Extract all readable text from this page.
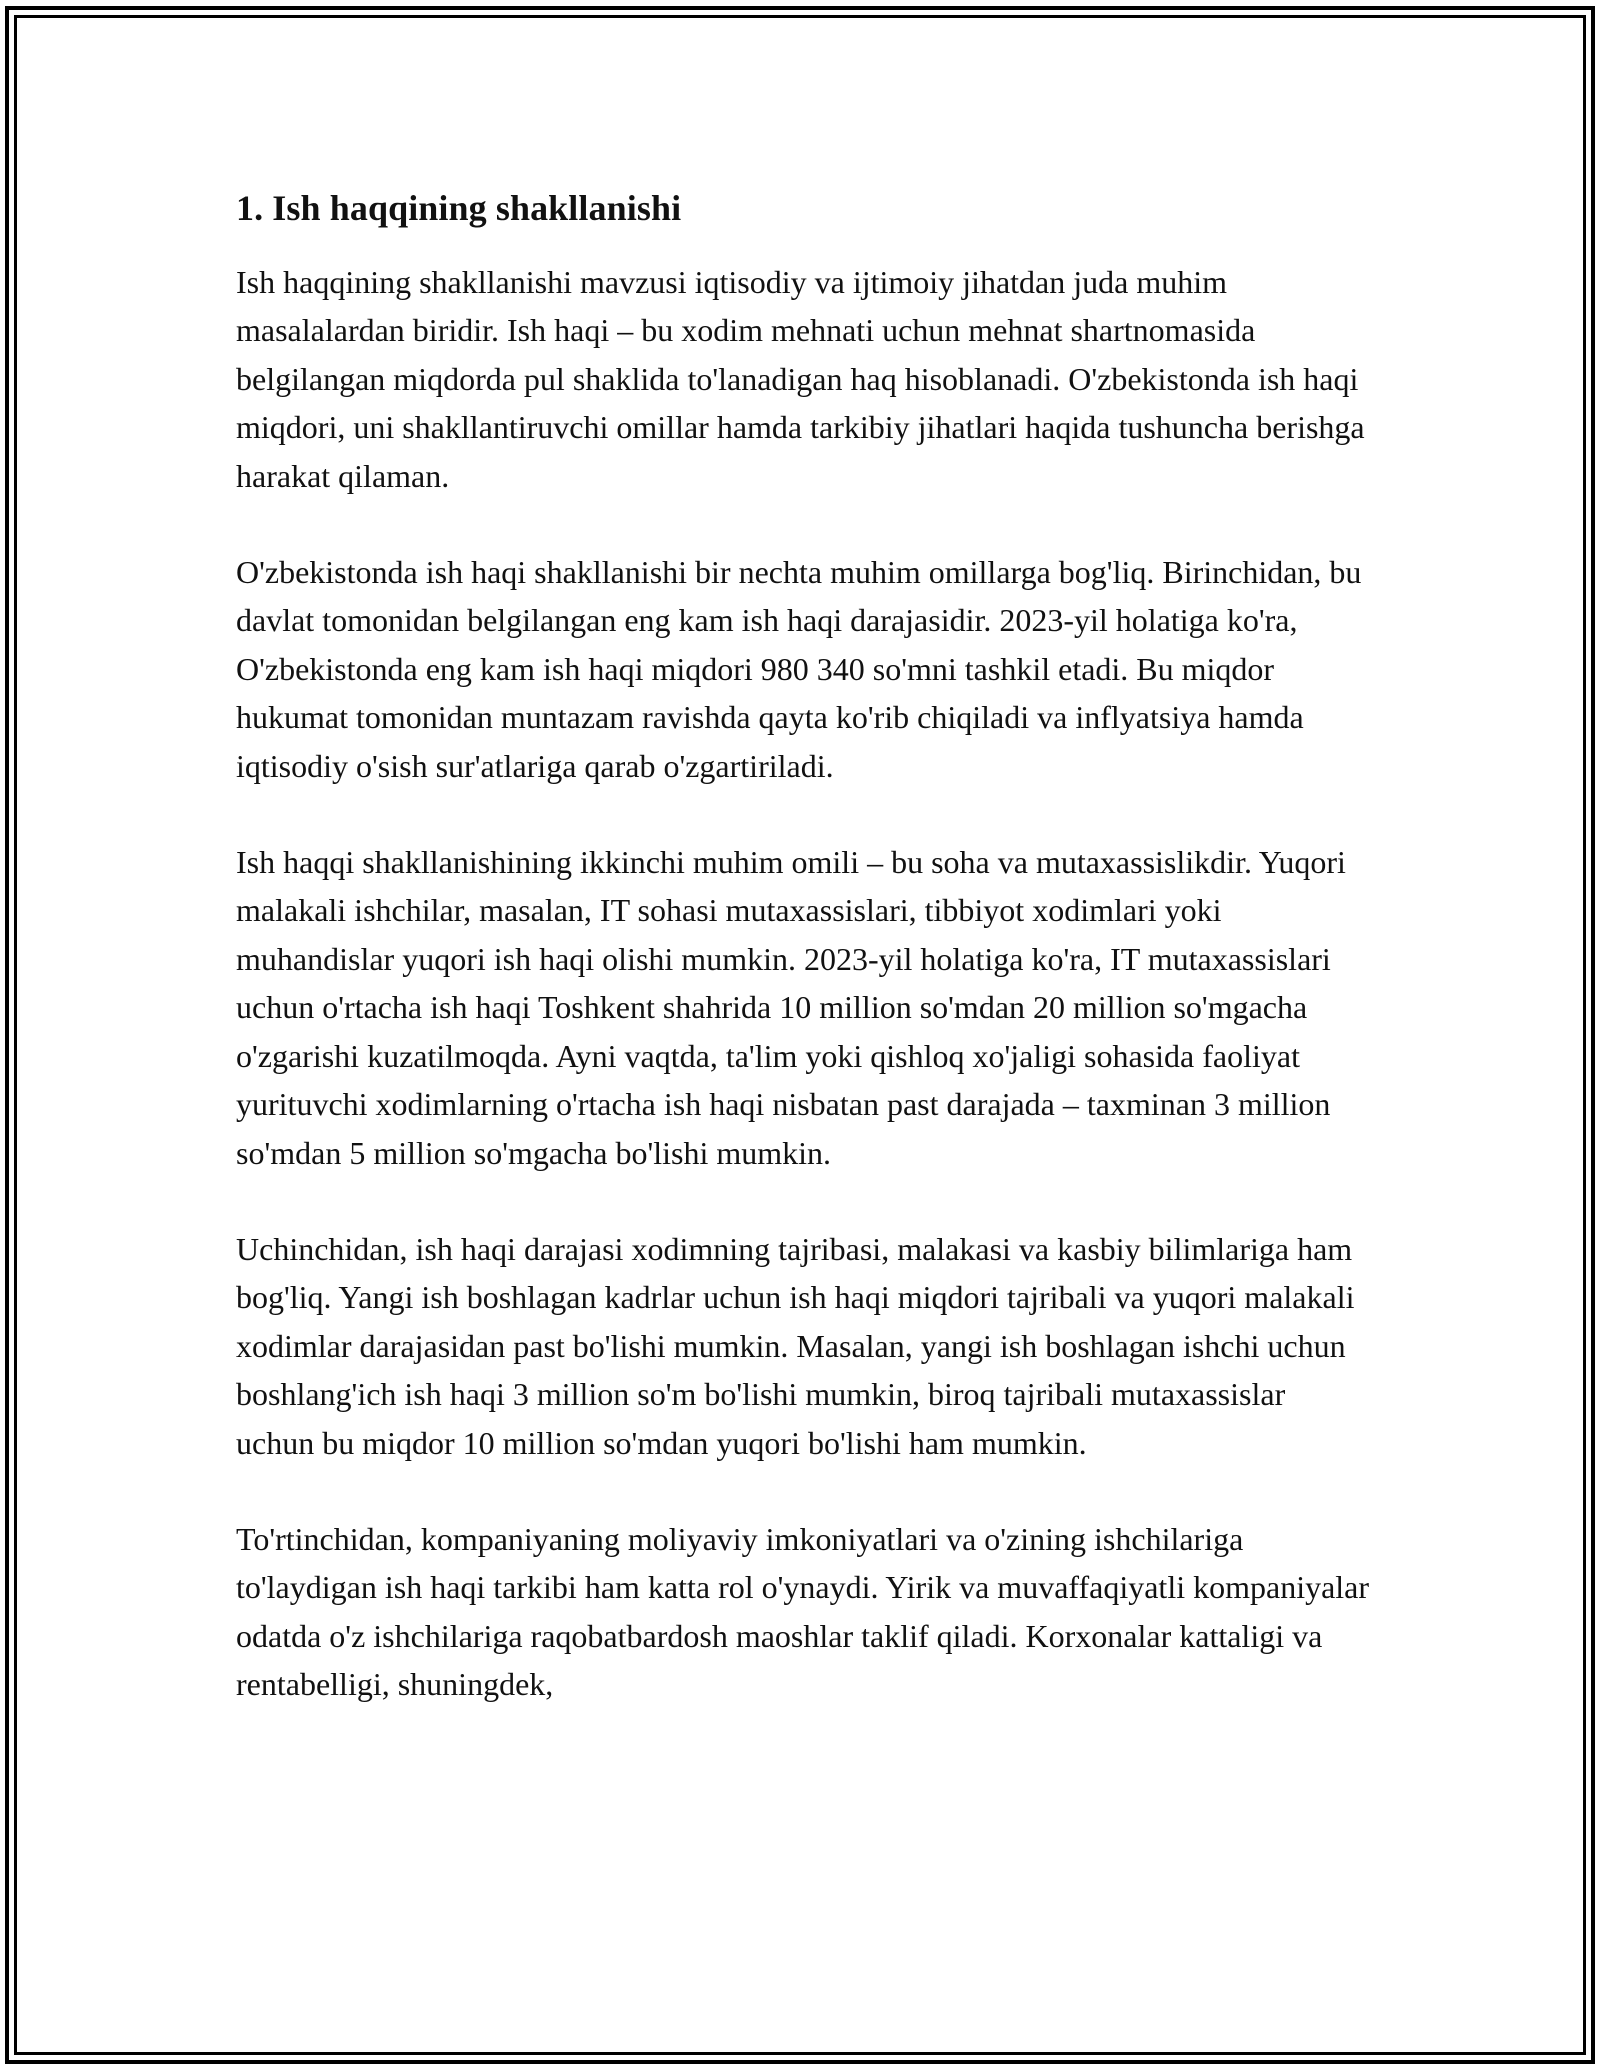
1. Ish haqqining shakllanishi

Ish haqqining shakllanishi mavzusi iqtisodiy va ijtimoiy jihatdan juda muhim masalalardan biridir. Ish haqi – bu xodim mehnati uchun mehnat shartnomasida belgilangan miqdorda pul shaklida to'lanadigan haq hisoblanadi. O'zbekistonda ish haqi miqdori, uni shakllantiruvchi omillar hamda tarkibiy jihatlari haqida tushuncha berishga harakat qilaman.

O'zbekistonda ish haqi shakllanishi bir nechta muhim omillarga bog'liq. Birinchidan, bu davlat tomonidan belgilangan eng kam ish haqi darajasidir. 2023-yil holatiga ko'ra, O'zbekistonda eng kam ish haqi miqdori 980 340 so'mni tashkil etadi. Bu miqdor hukumat tomonidan muntazam ravishda qayta ko'rib chiqiladi va inflyatsiya hamda iqtisodiy o'sish sur'atlariga qarab o'zgartiriladi.

Ish haqqi shakllanishining ikkinchi muhim omili – bu soha va mutaxassislikdir. Yuqori malakali ishchilar, masalan, IT sohasi mutaxassislari, tibbiyot xodimlari yoki muhandislar yuqori ish haqi olishi mumkin. 2023-yil holatiga ko'ra, IT mutaxassislari uchun o'rtacha ish haqi Toshkent shahrida 10 million so'mdan 20 million so'mgacha o'zgarishi kuzatilmoqda. Ayni vaqtda, ta'lim yoki qishloq xo'jaligi sohasida faoliyat yurituvchi xodimlarning o'rtacha ish haqi nisbatan past darajada – taxminan 3 million so'mdan 5 million so'mgacha bo'lishi mumkin.

Uchinchidan, ish haqi darajasi xodimning tajribasi, malakasi va kasbiy bilimlariga ham bog'liq. Yangi ish boshlagan kadrlar uchun ish haqi miqdori tajribali va yuqori malakali xodimlar darajasidan past bo'lishi mumkin. Masalan, yangi ish boshlagan ishchi uchun boshlang'ich ish haqi 3 million so'm bo'lishi mumkin, biroq tajribali mutaxassislar uchun bu miqdor 10 million so'mdan yuqori bo'lishi ham mumkin.

To'rtinchidan, kompaniyaning moliyaviy imkoniyatlari va o'zining ishchilariga to'laydigan ish haqi tarkibi ham katta rol o'ynaydi. Yirik va muvaffaqiyatli kompaniyalar odatda o'z ishchilariga raqobatbardosh maoshlar taklif qiladi. Korxonalar kattaligi va rentabelligi, shuningdek,
